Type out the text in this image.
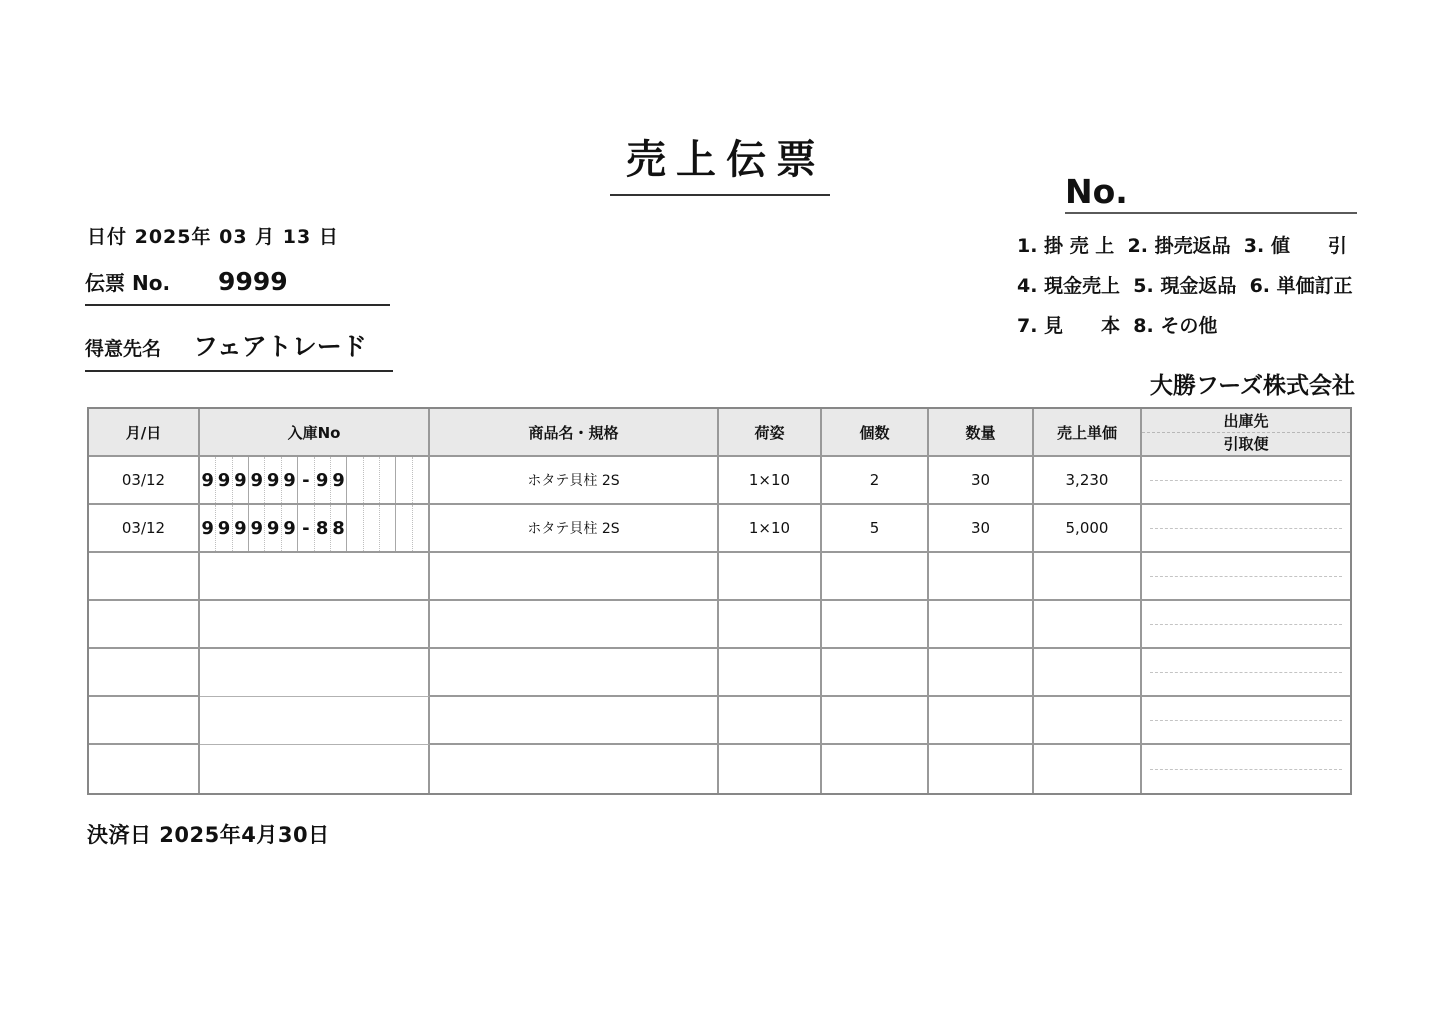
売上伝票
No.
日付 2025年 03 月 13 日
伝票 No. 9999
得意先名 フェアトレード
1. 掛 売 上  2. 掛売返品  3. 値　　引
4. 現金売上  5. 現金返品  6. 単価訂正
7. 見　　本  8. その他
大勝フーズ株式会社
月/日	入庫No	商品名・規格	荷姿	個数	数量	売上単価
出庫先
引取便
03/12	9 9 9 9 9 9 - 9 9	ホタテ貝柱 2S	1×10	2	30	3,230
03/12	9 9 9 9 9 9 - 8 8	ホタテ貝柱 2S	1×10	5	30	5,000
決済日 2025年4月30日
